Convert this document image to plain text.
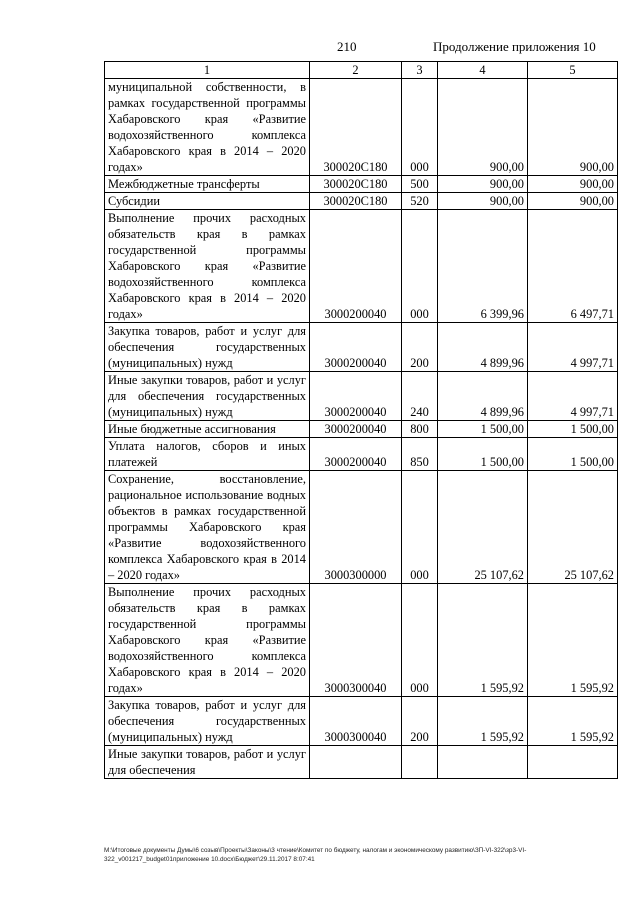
210	Продолжение приложения 10
1	2	3	4	5
муниципальной собственности, в рамках государственной программы Хабаровского края «Развитие водохозяйственного комплекса Хабаровского края в 2014 – 2020 годах»	300020С180	000	900,00	900,00
Межбюджетные трансферты	300020С180	500	900,00	900,00
Субсидии	300020С180	520	900,00	900,00
Выполнение прочих расходных обязательств края в рамках государственной программы Хабаровского края «Развитие водохозяйственного комплекса Хабаровского края в 2014 – 2020 годах»	3000200040	000	6 399,96	6 497,71
Закупка товаров, работ и услуг для обеспечения государственных (муниципальных) нужд	3000200040	200	4 899,96	4 997,71
Иные закупки товаров, работ и услуг для обеспечения государственных (муниципальных) нужд	3000200040	240	4 899,96	4 997,71
Иные бюджетные ассигнования	3000200040	800	1 500,00	1 500,00
Уплата налогов, сборов и иных платежей	3000200040	850	1 500,00	1 500,00
Сохранение, восстановление, рациональное использование водных объектов в рамках государственной программы Хабаровского края «Развитие водохозяйственного комплекса Хабаровского края в 2014 – 2020 годах»	3000300000	000	25 107,62	25 107,62
Выполнение прочих расходных обязательств края в рамках государственной программы Хабаровского края «Развитие водохозяйственного комплекса Хабаровского края в 2014 – 2020 годах»	3000300040	000	1 595,92	1 595,92
Закупка товаров, работ и услуг для обеспечения государственных (муниципальных) нужд	3000300040	200	1 595,92	1 595,92
Иные закупки товаров, работ и услуг для обеспечения				
M:\Итоговые документы Думы\6 созыв\Проекты\Законы\3 чтение\Комитет по бюджету, налогам и экономическому развитию\ЗП-VI-322\зр3-VI-322_v001217_budget01приложение 10.docx\Бюджет\29.11.2017 8:07:41
